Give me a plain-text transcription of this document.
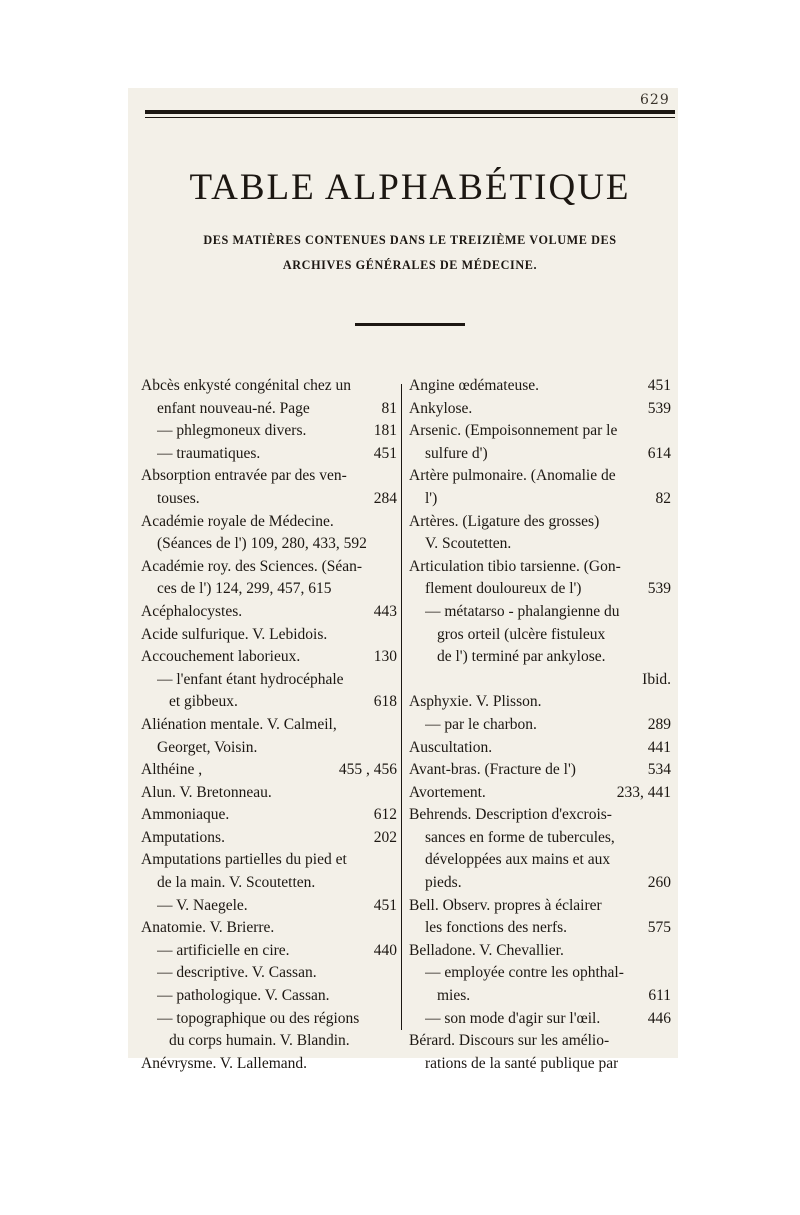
629
TABLE ALPHABÉTIQUE
DES MATIÈRES CONTENUES DANS LE TREIZIÈME VOLUME DES
ARCHIVES GÉNÉRALES DE MÉDECINE.
Abcès enkysté congénital chez un
enfant nouveau-né. Page	81
— phlegmoneux divers.	181
— traumatiques.	451
Absorption entravée par des ven-
touses.	284
Académie royale de Médecine.
(Séances de l') 109, 280, 433, 592
Académie roy. des Sciences. (Séan-
ces de l') 124, 299, 457, 615
Acéphalocystes.	443
Acide sulfurique. V. Lebidois.
Accouchement laborieux.	130
— l'enfant étant hydrocéphale
et gibbeux.	618
Aliénation mentale. V. Calmeil,
Georget, Voisin.
Althéine ,	455 , 456
Alun. V. Bretonneau.
Ammoniaque.	612
Amputations.	202
Amputations partielles du pied et
de la main. V. Scoutetten.
— V. Naegele.	451
Anatomie. V. Brierre.
— artificielle en cire.	440
— descriptive. V. Cassan.
— pathologique. V. Cassan.
— topographique ou des régions
du corps humain. V. Blandin.
Anévrysme. V. Lallemand.
Angine œdémateuse.	451
Ankylose.	539
Arsenic. (Empoisonnement par le
sulfure d')	614
Artère pulmonaire. (Anomalie de
l')	82
Artères. (Ligature des grosses)
V. Scoutetten.
Articulation tibio tarsienne. (Gon-
flement douloureux de l')	539
— métatarso - phalangienne du
gros orteil (ulcère fistuleux
de l') terminé par ankylose.
Ibid.
Asphyxie. V. Plisson.
— par le charbon.	289
Auscultation.	441
Avant-bras. (Fracture de l')	534
Avortement.	233, 441
Behrends. Description d'excrois-
sances en forme de tubercules,
développées aux mains et aux
pieds.	260
Bell. Observ. propres à éclairer
les fonctions des nerfs.	575
Belladone. V. Chevallier.
— employée contre les ophthal-
mies.	611
— son mode d'agir sur l'œil.	446
Bérard. Discours sur les amélio-
rations de la santé publique par
